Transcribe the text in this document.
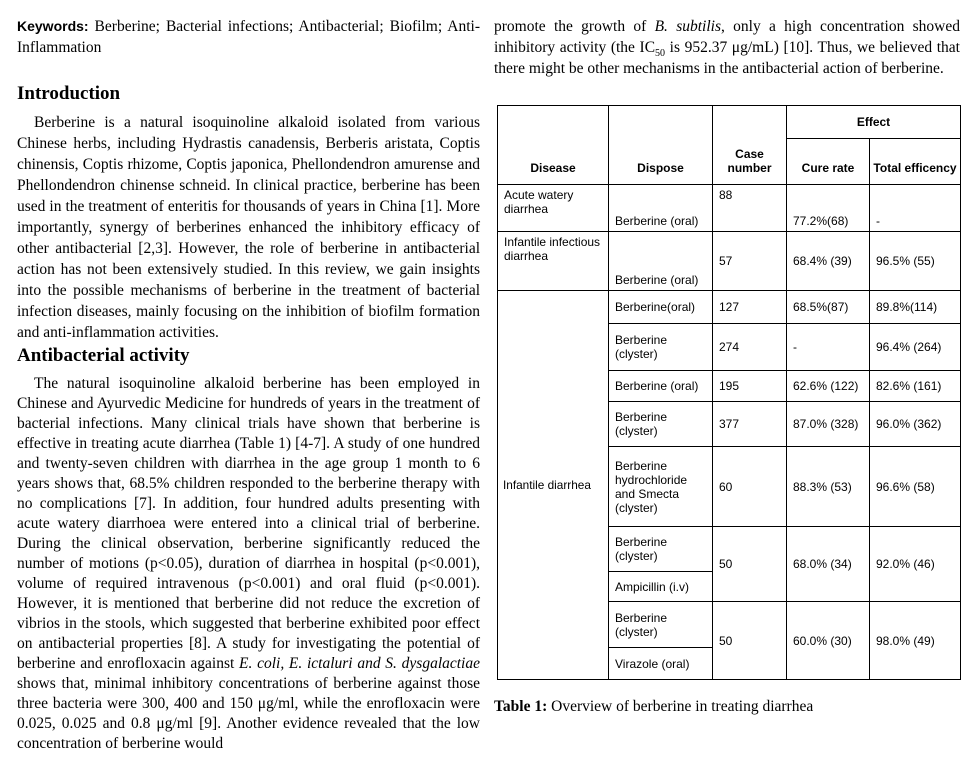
Keywords: Berberine; Bacterial infections; Antibacterial; Biofilm; Anti-Inflammation

Introduction

Berberine is a natural isoquinoline alkaloid isolated from various Chinese herbs, including Hydrastis canadensis, Berberis aristata, Coptis chinensis, Coptis rhizome, Coptis japonica, Phellondendron amurense and Phellondendron chinense schneid. In clinical practice, berberine has been used in the treatment of enteritis for thousands of years in China [1]. More importantly, synergy of berberines enhanced the inhibitory efficacy of other antibacterial [2,3]. However, the role of berberine in antibacterial action has not been extensively studied. In this review, we gain insights into the possible mechanisms of berberine in the treatment of bacterial infection diseases, mainly focusing on the inhibition of biofilm formation and anti-inflammation activities.

Antibacterial activity

The natural isoquinoline alkaloid berberine has been employed in Chinese and Ayurvedic Medicine for hundreds of years in the treatment of bacterial infections. Many clinical trials have shown that berberine is effective in treating acute diarrhea (Table 1) [4-7]. A study of one hundred and twenty-seven children with diarrhea in the age group 1 month to 6 years shows that, 68.5% children responded to the berberine therapy with no complications [7]. In addition, four hundred adults presenting with acute watery diarrhoea were entered into a clinical trial of berberine. During the clinical observation, berberine significantly reduced the number of motions (p<0.05), duration of diarrhea in hospital (p<0.001), volume of required intravenous (p<0.001) and oral fluid (p<0.001). However, it is mentioned that berberine did not reduce the excretion of vibrios in the stools, which suggested that berberine exhibited poor effect on antibacterial properties [8]. A study for investigating the potential of berberine and enrofloxacin against E. coli, E. ictaluri and S. dysgalactiae shows that, minimal inhibitory concentrations of berberine against those three bacteria were 300, 400 and 150 μg/ml, while the enrofloxacin were 0.025, 0.025 and 0.8 μg/ml [9]. Another evidence revealed that the low concentration of berberine would

promote the growth of B. subtilis, only a high concentration showed inhibitory activity (the $IC_{50}$ is 952.37 μg/mL) [10]. Thus, we believed that there might be other mechanisms in the antibacterial action of berberine.

Disease	Dispose	Case number	Effect	
			Cure rate	Total efficency
Acute watery diarrhea	Berberine (oral)	88	77.2%(68)	-
Infantile infectious diarrhea	Berberine (oral)	57	68.4% (39)	96.5% (55)
Infantile diarrhea	Berberine(oral)	127	68.5%(87)	89.8%(114)
	Berberine (clyster)	274	-	96.4% (264)
	Berberine (oral)	195	62.6% (122)	82.6% (161)
	Berberine (clyster)	377	87.0% (328)	96.0% (362)
	Berberine hydrochloride and Smecta (clyster)	60	88.3% (53)	96.6% (58)
	Berberine (clyster)	50	68.0% (34)	92.0% (46)
	Ampicillin (i.v)			
	Berberine (clyster)	50	60.0% (30)	98.0% (49)
	Virazole (oral)			

Table 1: Overview of berberine in treating diarrhea
